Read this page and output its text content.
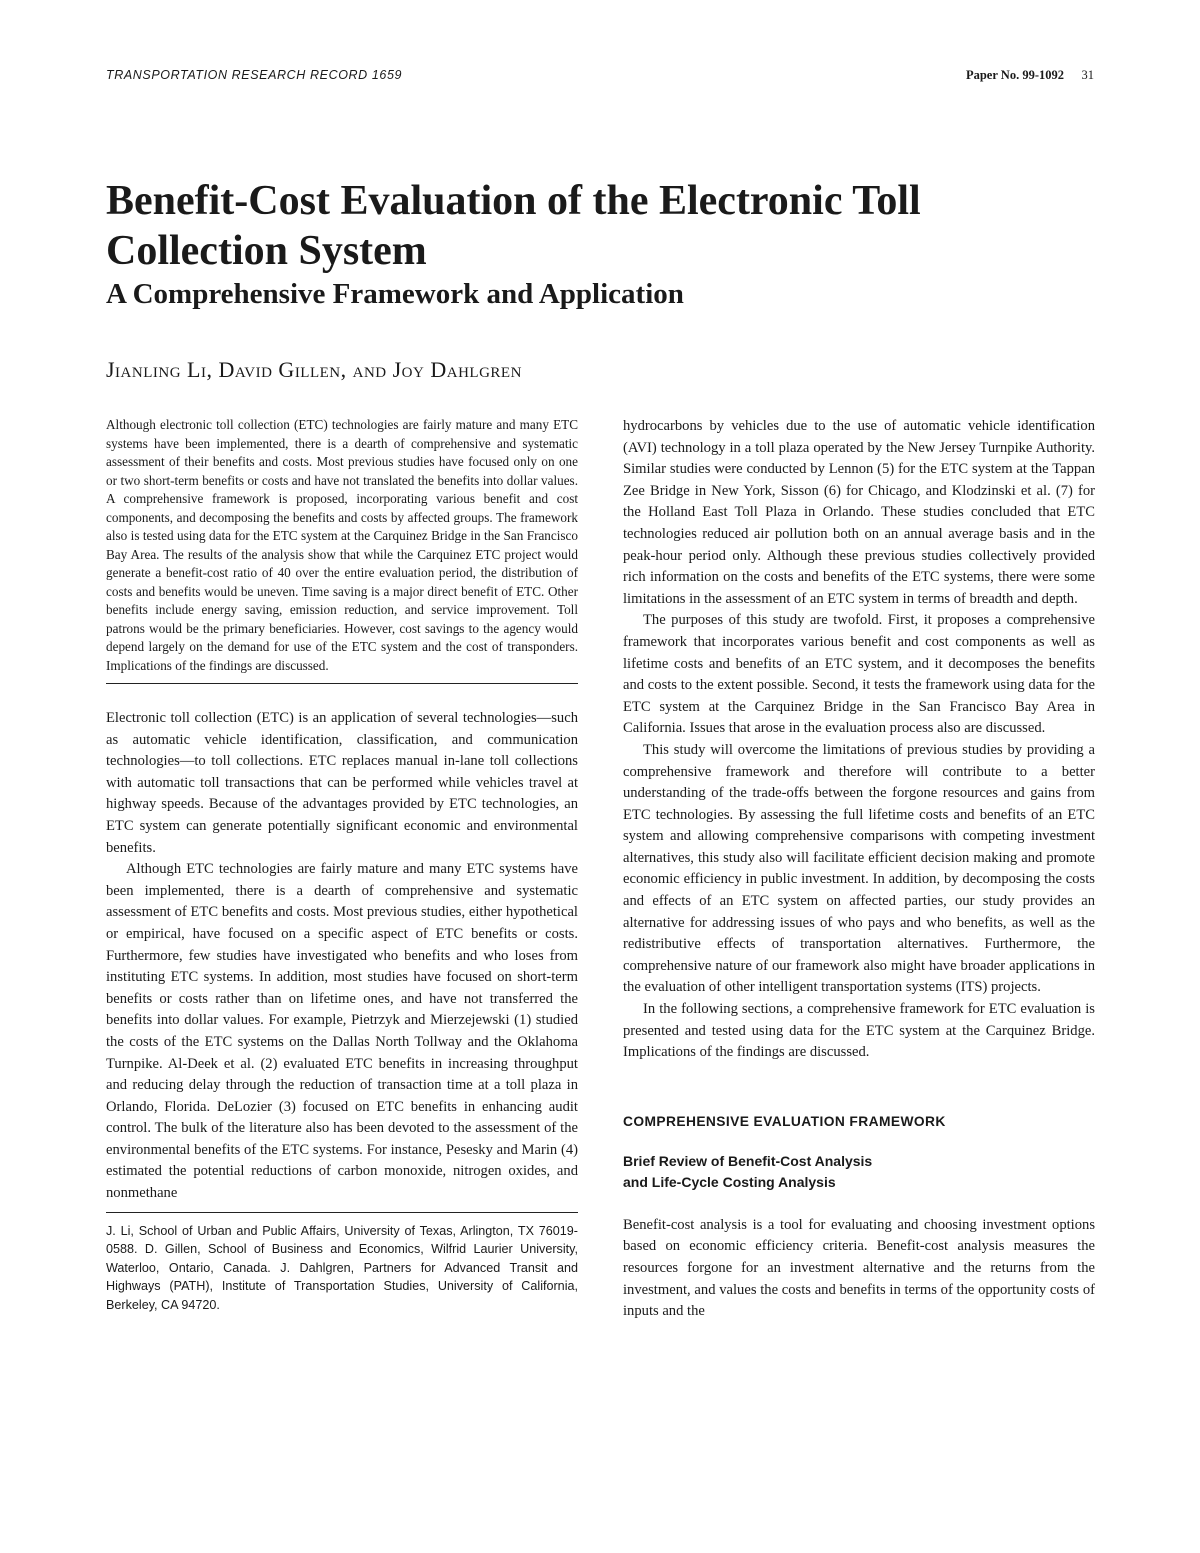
TRANSPORTATION RESEARCH RECORD 1659	Paper No. 99-1092 31
Benefit-Cost Evaluation of the Electronic Toll Collection System
A Comprehensive Framework and Application
Jianling Li, David Gillen, and Joy Dahlgren

Although electronic toll collection (ETC) technologies are fairly mature and many ETC systems have been implemented, there is a dearth of comprehensive and systematic assessment of their benefits and costs. Most previous studies have focused only on one or two short-term benefits or costs and have not translated the benefits into dollar values. A comprehensive framework is proposed, incorporating various benefit and cost components, and decomposing the benefits and costs by affected groups. The framework also is tested using data for the ETC system at the Carquinez Bridge in the San Francisco Bay Area. The results of the analysis show that while the Carquinez ETC project would generate a benefit-cost ratio of 40 over the entire evaluation period, the distribution of costs and benefits would be uneven. Time saving is a major direct benefit of ETC. Other benefits include energy saving, emission reduction, and service improvement. Toll patrons would be the primary beneficiaries. However, cost savings to the agency would depend largely on the demand for use of the ETC system and the cost of transponders. Implications of the findings are discussed.

Electronic toll collection (ETC) is an application of several technologies—such as automatic vehicle identification, classification, and communication technologies—to toll collections. ETC replaces manual in-lane toll collections with automatic toll transactions that can be performed while vehicles travel at highway speeds. Because of the advantages provided by ETC technologies, an ETC system can generate potentially significant economic and environmental benefits.

Although ETC technologies are fairly mature and many ETC systems have been implemented, there is a dearth of comprehensive and systematic assessment of ETC benefits and costs. Most previous studies, either hypothetical or empirical, have focused on a specific aspect of ETC benefits or costs. Furthermore, few studies have investigated who benefits and who loses from instituting ETC systems. In addition, most studies have focused on short-term benefits or costs rather than on lifetime ones, and have not transferred the benefits into dollar values. For example, Pietrzyk and Mierzejewski (1) studied the costs of the ETC systems on the Dallas North Tollway and the Oklahoma Turnpike. Al-Deek et al. (2) evaluated ETC benefits in increasing throughput and reducing delay through the reduction of transaction time at a toll plaza in Orlando, Florida. DeLozier (3) focused on ETC benefits in enhancing audit control. The bulk of the literature also has been devoted to the assessment of the environmental benefits of the ETC systems. For instance, Pesesky and Marin (4) estimated the potential reductions of carbon monoxide, nitrogen oxides, and nonmethane

J. Li, School of Urban and Public Affairs, University of Texas, Arlington, TX 76019-0588. D. Gillen, School of Business and Economics, Wilfrid Laurier University, Waterloo, Ontario, Canada. J. Dahlgren, Partners for Advanced Transit and Highways (PATH), Institute of Transportation Studies, University of California, Berkeley, CA 94720.

hydrocarbons by vehicles due to the use of automatic vehicle identification (AVI) technology in a toll plaza operated by the New Jersey Turnpike Authority. Similar studies were conducted by Lennon (5) for the ETC system at the Tappan Zee Bridge in New York, Sisson (6) for Chicago, and Klodzinski et al. (7) for the Holland East Toll Plaza in Orlando. These studies concluded that ETC technologies reduced air pollution both on an annual average basis and in the peak-hour period only. Although these previous studies collectively provided rich information on the costs and benefits of the ETC systems, there were some limitations in the assessment of an ETC system in terms of breadth and depth.

The purposes of this study are twofold. First, it proposes a comprehensive framework that incorporates various benefit and cost components as well as lifetime costs and benefits of an ETC system, and it decomposes the benefits and costs to the extent possible. Second, it tests the framework using data for the ETC system at the Carquinez Bridge in the San Francisco Bay Area in California. Issues that arose in the evaluation process also are discussed.

This study will overcome the limitations of previous studies by providing a comprehensive framework and therefore will contribute to a better understanding of the trade-offs between the forgone resources and gains from ETC technologies. By assessing the full lifetime costs and benefits of an ETC system and allowing comprehensive comparisons with competing investment alternatives, this study also will facilitate efficient decision making and promote economic efficiency in public investment. In addition, by decomposing the costs and effects of an ETC system on affected parties, our study provides an alternative for addressing issues of who pays and who benefits, as well as the redistributive effects of transportation alternatives. Furthermore, the comprehensive nature of our framework also might have broader applications in the evaluation of other intelligent transportation systems (ITS) projects.

In the following sections, a comprehensive framework for ETC evaluation is presented and tested using data for the ETC system at the Carquinez Bridge. Implications of the findings are discussed.

COMPREHENSIVE EVALUATION FRAMEWORK
Brief Review of Benefit-Cost Analysis
and Life-Cycle Costing Analysis

Benefit-cost analysis is a tool for evaluating and choosing investment options based on economic efficiency criteria. Benefit-cost analysis measures the resources forgone for an investment alternative and the returns from the investment, and values the costs and benefits in terms of the opportunity costs of inputs and the
